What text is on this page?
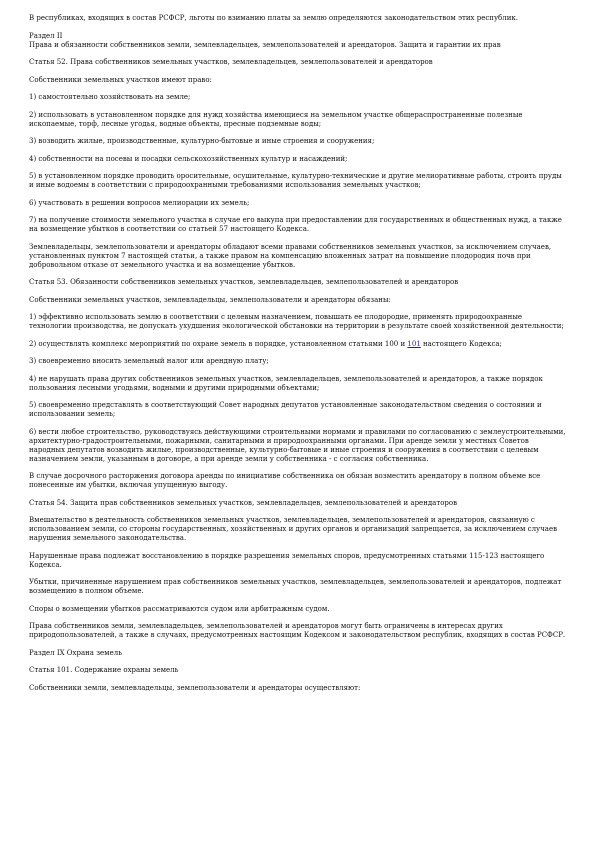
В республиках, входящих в состав РСФСР, льготы по взиманию платы за землю определяются законодательством этих республик.

Раздел II
Права и обязанности собственников земли, землевладельцев, землепользователей и арендаторов. Защита и гарантии их прав

Статья 52. Права собственников земельных участков, землевладельцев, землепользователей и арендаторов

Собственники земельных участков имеют право:

1) самостоятельно хозяйствовать на земле;

2) использовать в установленном порядке для нужд хозяйства имеющиеся на земельном участке общераспространенные полезные ископаемые, торф, лесные угодья, водные объекты, пресные подземные воды;

3) возводить жилые, производственные, культурно-бытовые и иные строения и сооружения;

4) собственности на посевы и посадки сельскохозяйственных культур и насаждений;

5) в установленном порядке проводить оросительные, осушительные, культурно-технические и другие мелиоративные работы, строить пруды и иные водоемы в соответствии с природоохранными требованиями использования земельных участков;

6) участвовать в решении вопросов мелиорации их земель;

7) на получение стоимости земельного участка в случае его выкупа при предоставлении для государственных и общественных нужд, а также на возмещение убытков в соответствии со статьей 57 настоящего Кодекса.

Землевладельцы, землепользователи и арендаторы обладают всеми правами собственников земельных участков, за исключением случаев, установленных пунктом 7 настоящей статьи, а также правом на компенсацию вложенных затрат на повышение плодородия почв при добровольном отказе от земельного участка и на возмещение убытков.

Статья 53. Обязанности собственников земельных участков, землевладельцев, землепользователей и арендаторов

Собственники земельных участков, землевладельцы, землепользователи и арендаторы обязаны:

1) эффективно использовать землю в соответствии с целевым назначением, повышать ее плодородие, применять природоохранные технологии производства, не допускать ухудшения экологической обстановки на территории в результате своей хозяйственной деятельности;

2) осуществлять комплекс мероприятий по охране земель в порядке, установленном статьями 100 и 101 настоящего Кодекса;

3) своевременно вносить земельный налог или арендную плату;

4) не нарушать права других собственников земельных участков, землевладельцев, землепользователей и арендаторов, а также порядок пользования лесными угодьями, водными и другими природными объектами;

5) своевременно представлять в соответствующий Совет народных депутатов установленные законодательством сведения о состоянии и использовании земель;

6) вести любое строительство, руководствуясь действующими строительными нормами и правилами по согласованию с землеустроительными, архитектурно-градостроительными, пожарными, санитарными и природоохранными органами. При аренде земли у местных Советов народных депутатов возводить жилые, производственные, культурно-бытовые и иные строения и сооружения в соответствии с целевым назначением земли, указанным в договоре, а при аренде земли у собственника - с согласия собственника.

В случае досрочного расторжения договора аренды по инициативе собственника он обязан возместить арендатору в полном объеме все понесенные им убытки, включая упущенную выгоду.

Статья 54. Защита прав собственников земельных участков, землевладельцев, землепользователей и арендаторов

Вмешательство в деятельность собственников земельных участков, землевладельцев, землепользователей и арендаторов, связанную с использованием земли, со стороны государственных, хозяйственных и других органов и организаций запрещается, за исключением случаев нарушения земельного законодательства.

Нарушенные права подлежат восстановлению в порядке разрешения земельных споров, предусмотренных статьями 115-123 настоящего Кодекса.

Убытки, причиненные нарушением прав собственников земельных участков, землевладельцев, землепользователей и арендаторов, подлежат возмещению в полном объеме.

Споры о возмещении убытков рассматриваются судом или арбитражным судом.

Права собственников земли, землевладельцев, землепользователей и арендаторов могут быть ограничены в интересах других природопользователей, а также в случаях, предусмотренных настоящим Кодексом и законодательством республик, входящих в состав РСФСР.

Раздел IX Охрана земель

Статья 101. Содержание охраны земель

Собственники земли, землевладельцы, землепользователи и арендаторы осуществляют:
